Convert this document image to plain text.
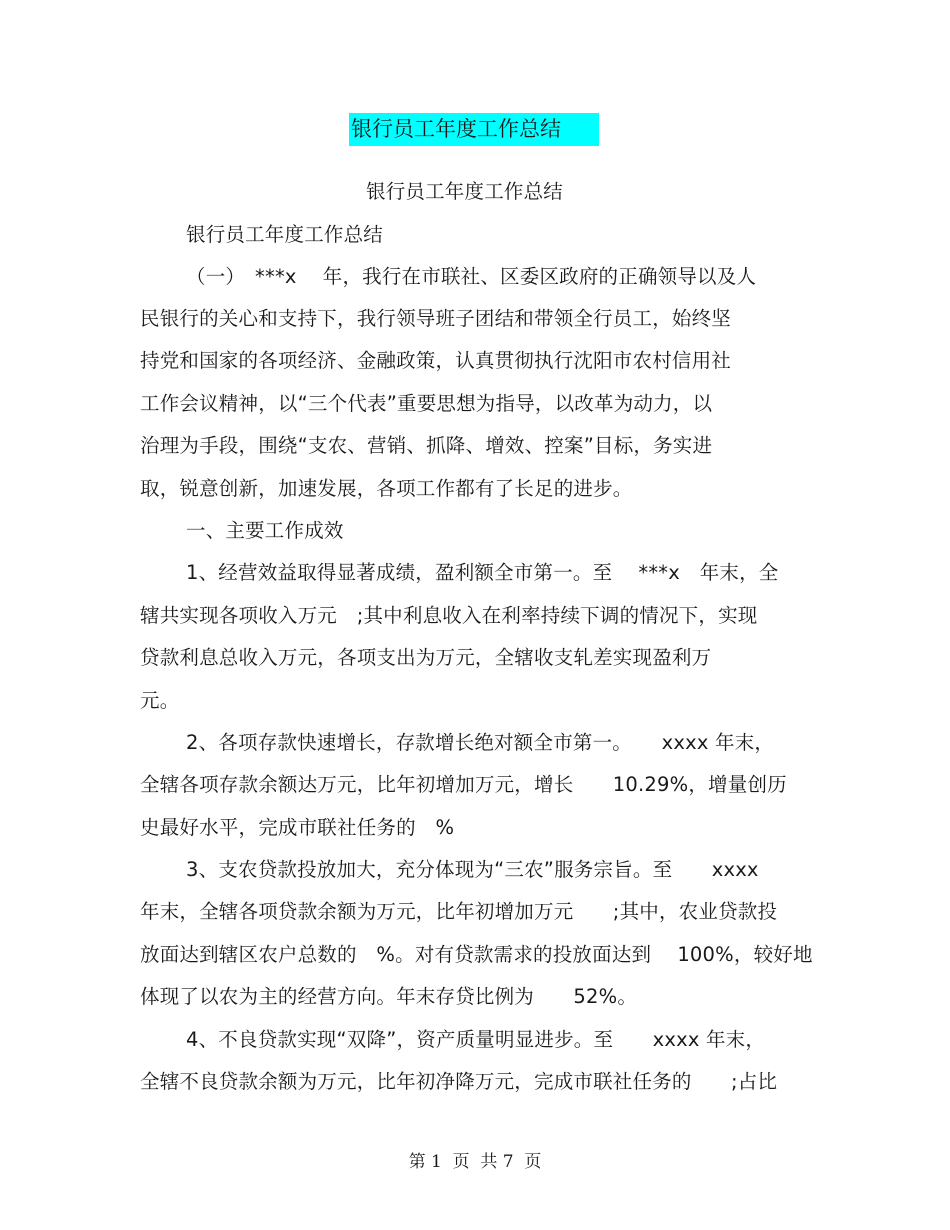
银行员工年度工作总结
银行员工年度工作总结
银行员工年度工作总结
（一）　***x　 年，我行在市联社、区委区政府的正确领导以及人
民银行的关心和支持下，我行领导班子团结和带领全行员工，始终坚
持党和国家的各项经济、金融政策，认真贯彻执行沈阳市农村信用社
工作会议精神，以“三个代表”重要思想为指导，以改革为动力，以
治理为手段，围绕“支农、营销、抓降、增效、控案”目标，务实进
取，锐意创新，加速发展，各项工作都有了长足的进步。
一、主要工作成效
1、经营效益取得显著成绩，盈利额全市第一。至　 ***x　年末，全
辖共实现各项收入万元　;其中利息收入在利率持续下调的情况下，实现
贷款利息总收入万元，各项支出为万元，全辖收支轧差实现盈利万
元。
2、各项存款快速增长，存款增长绝对额全市第一。　　xxxx 年末，
全辖各项存款余额达万元，比年初增加万元，增长　　10.29%，增量创历
史最好水平，完成市联社任务的　%
3、支农贷款投放加大，充分体现为“三农”服务宗旨。至　　xxxx
年末，全辖各项贷款余额为万元，比年初增加万元　　;其中，农业贷款投
放面达到辖区农户总数的　%。对有贷款需求的投放面达到　 100%，较好地
体现了以农为主的经营方向。年末存贷比例为　　52%。
4、不良贷款实现“双降”，资产质量明显进步。至　　xxxx 年末，
全辖不良贷款余额为万元，比年初净降万元，完成市联社任务的　　;占比
第 1  页  共 7  页
